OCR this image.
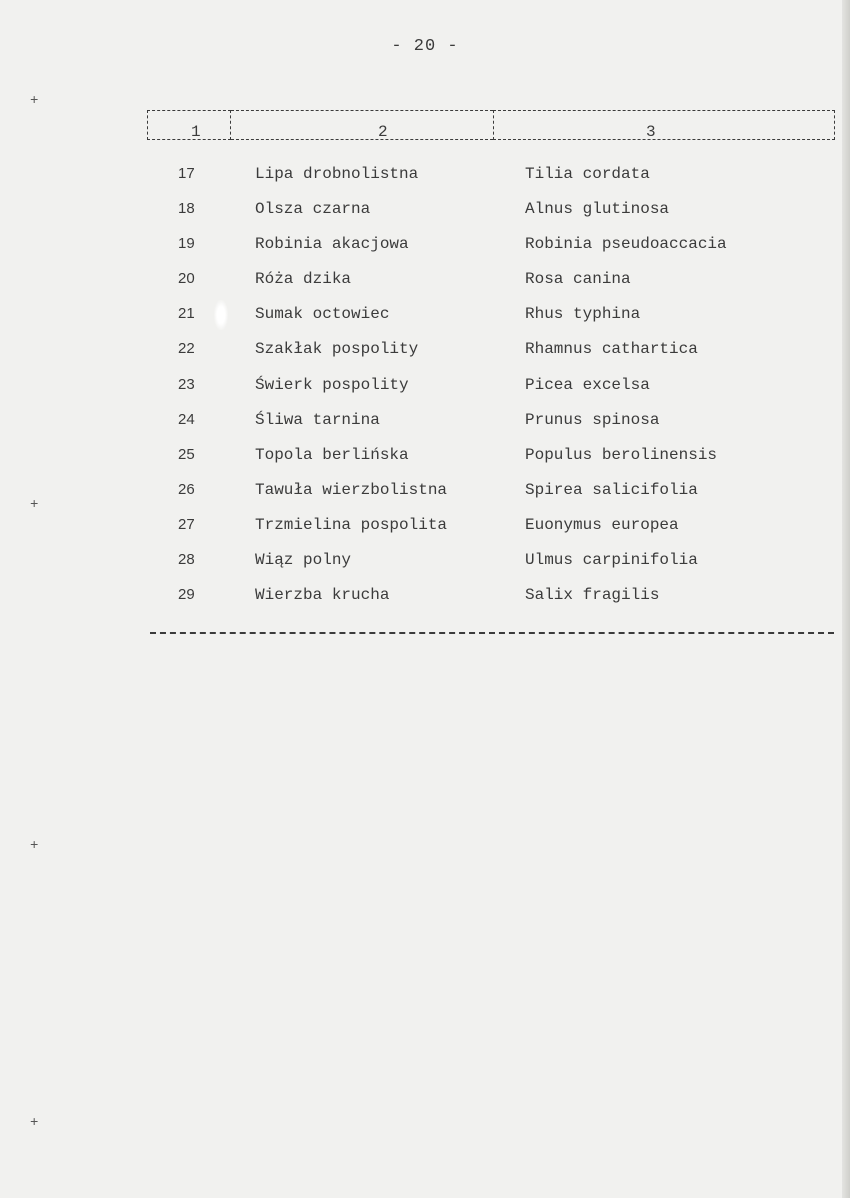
- 20 -
+
+
+
+
1	2	3
17	Lipa drobnolistna	Tilia cordata
18	Olsza czarna	Alnus glutinosa
19	Robinia akacjowa	Robinia pseudoaccacia
20	Róża dzika	Rosa canina
21	Sumak octowiec	Rhus typhina
22	Szakłak pospolity	Rhamnus cathartica
23	Świerk pospolity	Picea excelsa
24	Śliwa tarnina	Prunus spinosa
25	Topola berlińska	Populus berolinensis
26	Tawuła wierzbolistna	Spirea salicifolia
27	Trzmielina pospolita	Euonymus europea
28	Wiąz polny	Ulmus carpinifolia
29	Wierzba krucha	Salix fragilis
